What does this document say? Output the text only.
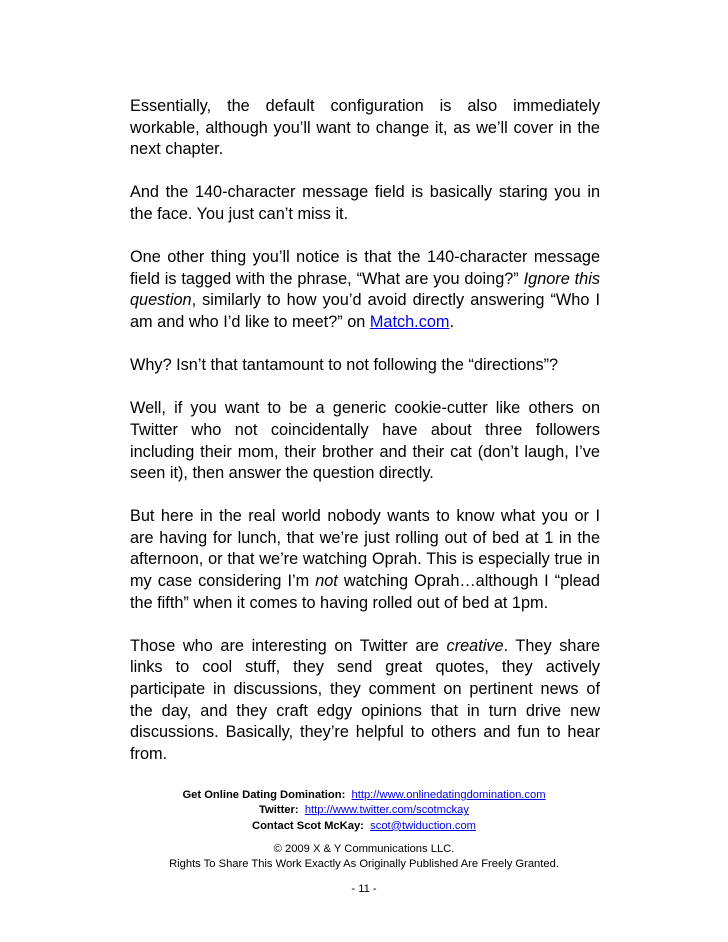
Essentially, the default configuration is also immediately workable, although you’ll want to change it, as we’ll cover in the next chapter.

And the 140-character message field is basically staring you in the face. You just can’t miss it.

One other thing you’ll notice is that the 140-character message field is tagged with the phrase, “What are you doing?” Ignore this question, similarly to how you’d avoid directly answering “Who I am and who I’d like to meet?” on Match.com.

Why? Isn’t that tantamount to not following the “directions”?

Well, if you want to be a generic cookie-cutter like others on Twitter who not coincidentally have about three followers including their mom, their brother and their cat (don’t laugh, I’ve seen it), then answer the question directly.

But here in the real world nobody wants to know what you or I are having for lunch, that we’re just rolling out of bed at 1 in the afternoon, or that we’re watching Oprah. This is especially true in my case considering I’m not watching Oprah…although I “plead the fifth” when it comes to having rolled out of bed at 1pm.

Those who are interesting on Twitter are creative. They share links to cool stuff, they send great quotes, they actively participate in discussions, they comment on pertinent news of the day, and they craft edgy opinions that in turn drive new discussions. Basically, they’re helpful to others and fun to hear from.

Get Online Dating Domination: http://www.onlinedatingdomination.com
Twitter: http://www.twitter.com/scotmckay
Contact Scot McKay: scot@twiduction.com
© 2009 X & Y Communications LLC.
Rights To Share This Work Exactly As Originally Published Are Freely Granted.
- 11 -
